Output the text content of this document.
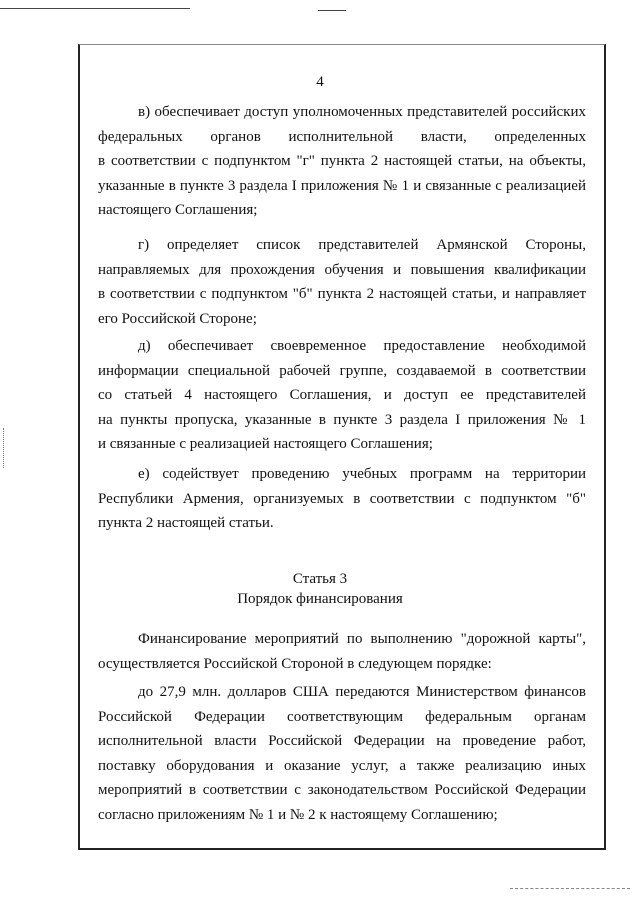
4
в) обеспечивает доступ уполномоченных представителей российских
федеральных органов исполнительной власти, определенных
в соответствии с подпунктом "г" пункта 2 настоящей статьи, на объекты,
указанные в пункте 3 раздела I приложения № 1 и связанные с реализацией
настоящего Соглашения;
г) определяет список представителей Армянской Стороны,
направляемых для прохождения обучения и повышения квалификации
в соответствии с подпунктом "б" пункта 2 настоящей статьи, и направляет
его Российской Стороне;
д) обеспечивает своевременное предоставление необходимой
информации специальной рабочей группе, создаваемой в соответствии
со статьей 4 настоящего Соглашения, и доступ ее представителей
на пункты пропуска, указанные в пункте 3 раздела I приложения № 1
и связанные с реализацией настоящего Соглашения;
е) содействует проведению учебных программ на территории
Республики Армения, организуемых в соответствии с подпунктом "б"
пункта 2 настоящей статьи.
Статья 3
Порядок финансирования
Финансирование мероприятий по выполнению "дорожной карты",
осуществляется Российской Стороной в следующем порядке:
до 27,9 млн. долларов США передаются Министерством финансов
Российской Федерации соответствующим федеральным органам
исполнительной власти Российской Федерации на проведение работ,
поставку оборудования и оказание услуг, а также реализацию иных
мероприятий в соответствии с законодательством Российской Федерации
согласно приложениям № 1 и № 2 к настоящему Соглашению;
